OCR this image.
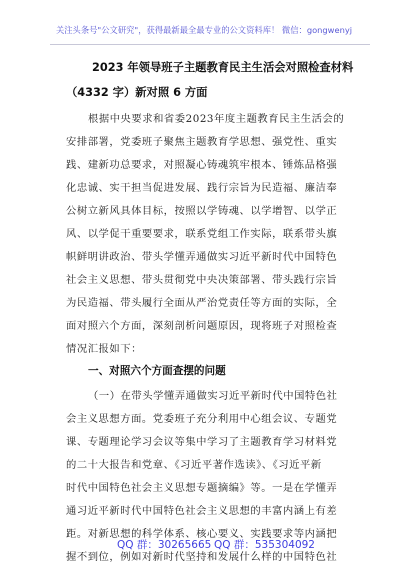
关注头条号"公文研究"，获得最新最全最专业的公文资料库！ 微信：gongwenyj
2023 年领导班子主题教育民主生活会对照检查材料
（4332 字）新对照 6 方面
根据中央要求和省委2023年度主题教育民主生活会的
安排部署，党委班子聚焦主题教育学思想、强党性、重实
践、建新功总要求，对照凝心铸魂筑牢根本、锤炼品格强
化忠诚、实干担当促进发展、践行宗旨为民造福、廉洁奉
公树立新风具体目标，按照以学铸魂、以学增智、以学正
风、以学促干重要要求，联系党组工作实际，联系带头旗
帜鲜明讲政治、带头学懂弄通做实习近平新时代中国特色
社会主义思想、带头贯彻党中央决策部署、带头践行宗旨
为民造福、带头履行全面从严治党责任等方面的实际，全
面对照六个方面，深刻剖析问题原因，现将班子对照检查
情况汇报如下：
一、对照六个方面查摆的问题
（一）在带头学懂弄通做实习近平新时代中国特色社
会主义思想方面。党委班子充分利用中心组会议、专题党
课、专题理论学习会议等集中学习了主题教育学习材料党
的二十大报告和党章、《习近平著作选读》、《习近平新
时代中国特色社会主义思想专题摘编》等。一是在学懂弄
通习近平新时代中国特色社会主义思想的丰富内涵上有差
距。对新思想的科学体系、核心要义、实践要求等内涵把
握不到位，例如对新时代坚持和发展什么样的中国特色社
QQ 群：30265665 QQ 群：535304092
